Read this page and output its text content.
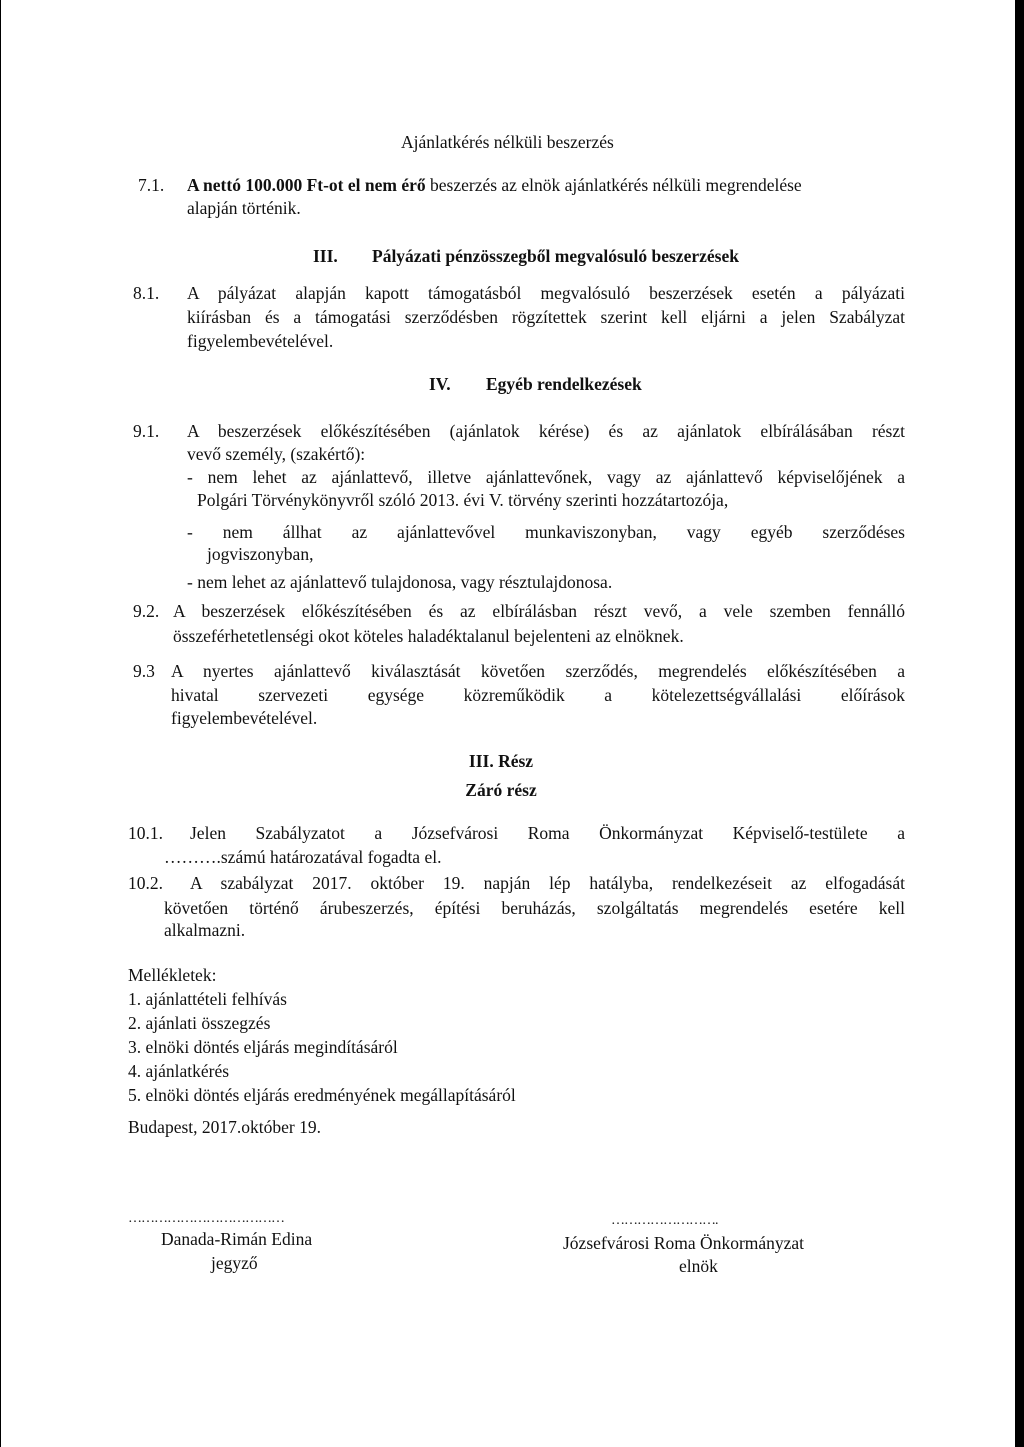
Ajánlatkérés nélküli beszerzés
7.1. A nettó 100.000 Ft-ot el nem érő beszerzés az elnök ajánlatkérés nélküli megrendelése
alapján történik.
III. Pályázati pénzösszegből megvalósuló beszerzések
8.1. A pályázat alapján kapott támogatásból megvalósuló beszerzések esetén a pályázati
kiírásban és a támogatási szerződésben rögzítettek szerint kell eljárni a jelen Szabályzat
figyelembevételével.
IV. Egyéb rendelkezések
9.1. A beszerzések előkészítésében (ajánlatok kérése) és az ajánlatok elbírálásában részt
vevő személy, (szakértő):
- nem lehet az ajánlattevő, illetve ajánlattevőnek, vagy az ajánlattevő képviselőjének a
Polgári Törvénykönyvről szóló 2013. évi V. törvény szerinti hozzátartozója,
- nem állhat az ajánlattevővel munkaviszonyban, vagy egyéb szerződéses
jogviszonyban,
- nem lehet az ajánlattevő tulajdonosa, vagy résztulajdonosa.
9.2. A beszerzések előkészítésében és az elbírálásban részt vevő, a vele szemben fennálló
összeférhetetlenségi okot köteles haladéktalanul bejelenteni az elnöknek.
9.3 A nyertes ajánlattevő kiválasztását követően szerződés, megrendelés előkészítésében a
hivatal szervezeti egysége közreműködik a kötelezettségvállalási előírások
figyelembevételével.
III. Rész
Záró rész
10.1. Jelen Szabályzatot a Józsefvárosi Roma Önkormányzat Képviselő-testülete a
……….számú határozatával fogadta el.
10.2. A szabályzat 2017. október 19. napján lép hatályba, rendelkezéseit az elfogadását
követően történő árubeszerzés, építési beruházás, szolgáltatás megrendelés esetére kell
alkalmazni.
Mellékletek:
1. ajánlattételi felhívás
2. ajánlati összegzés
3. elnöki döntés eljárás megindításáról
4. ajánlatkérés
5. elnöki döntés eljárás eredményének megállapításáról
Budapest, 2017.október 19.
………………………………
Danada-Rimán Edina
jegyző
…………………….
Józsefvárosi Roma Önkormányzat
elnök
